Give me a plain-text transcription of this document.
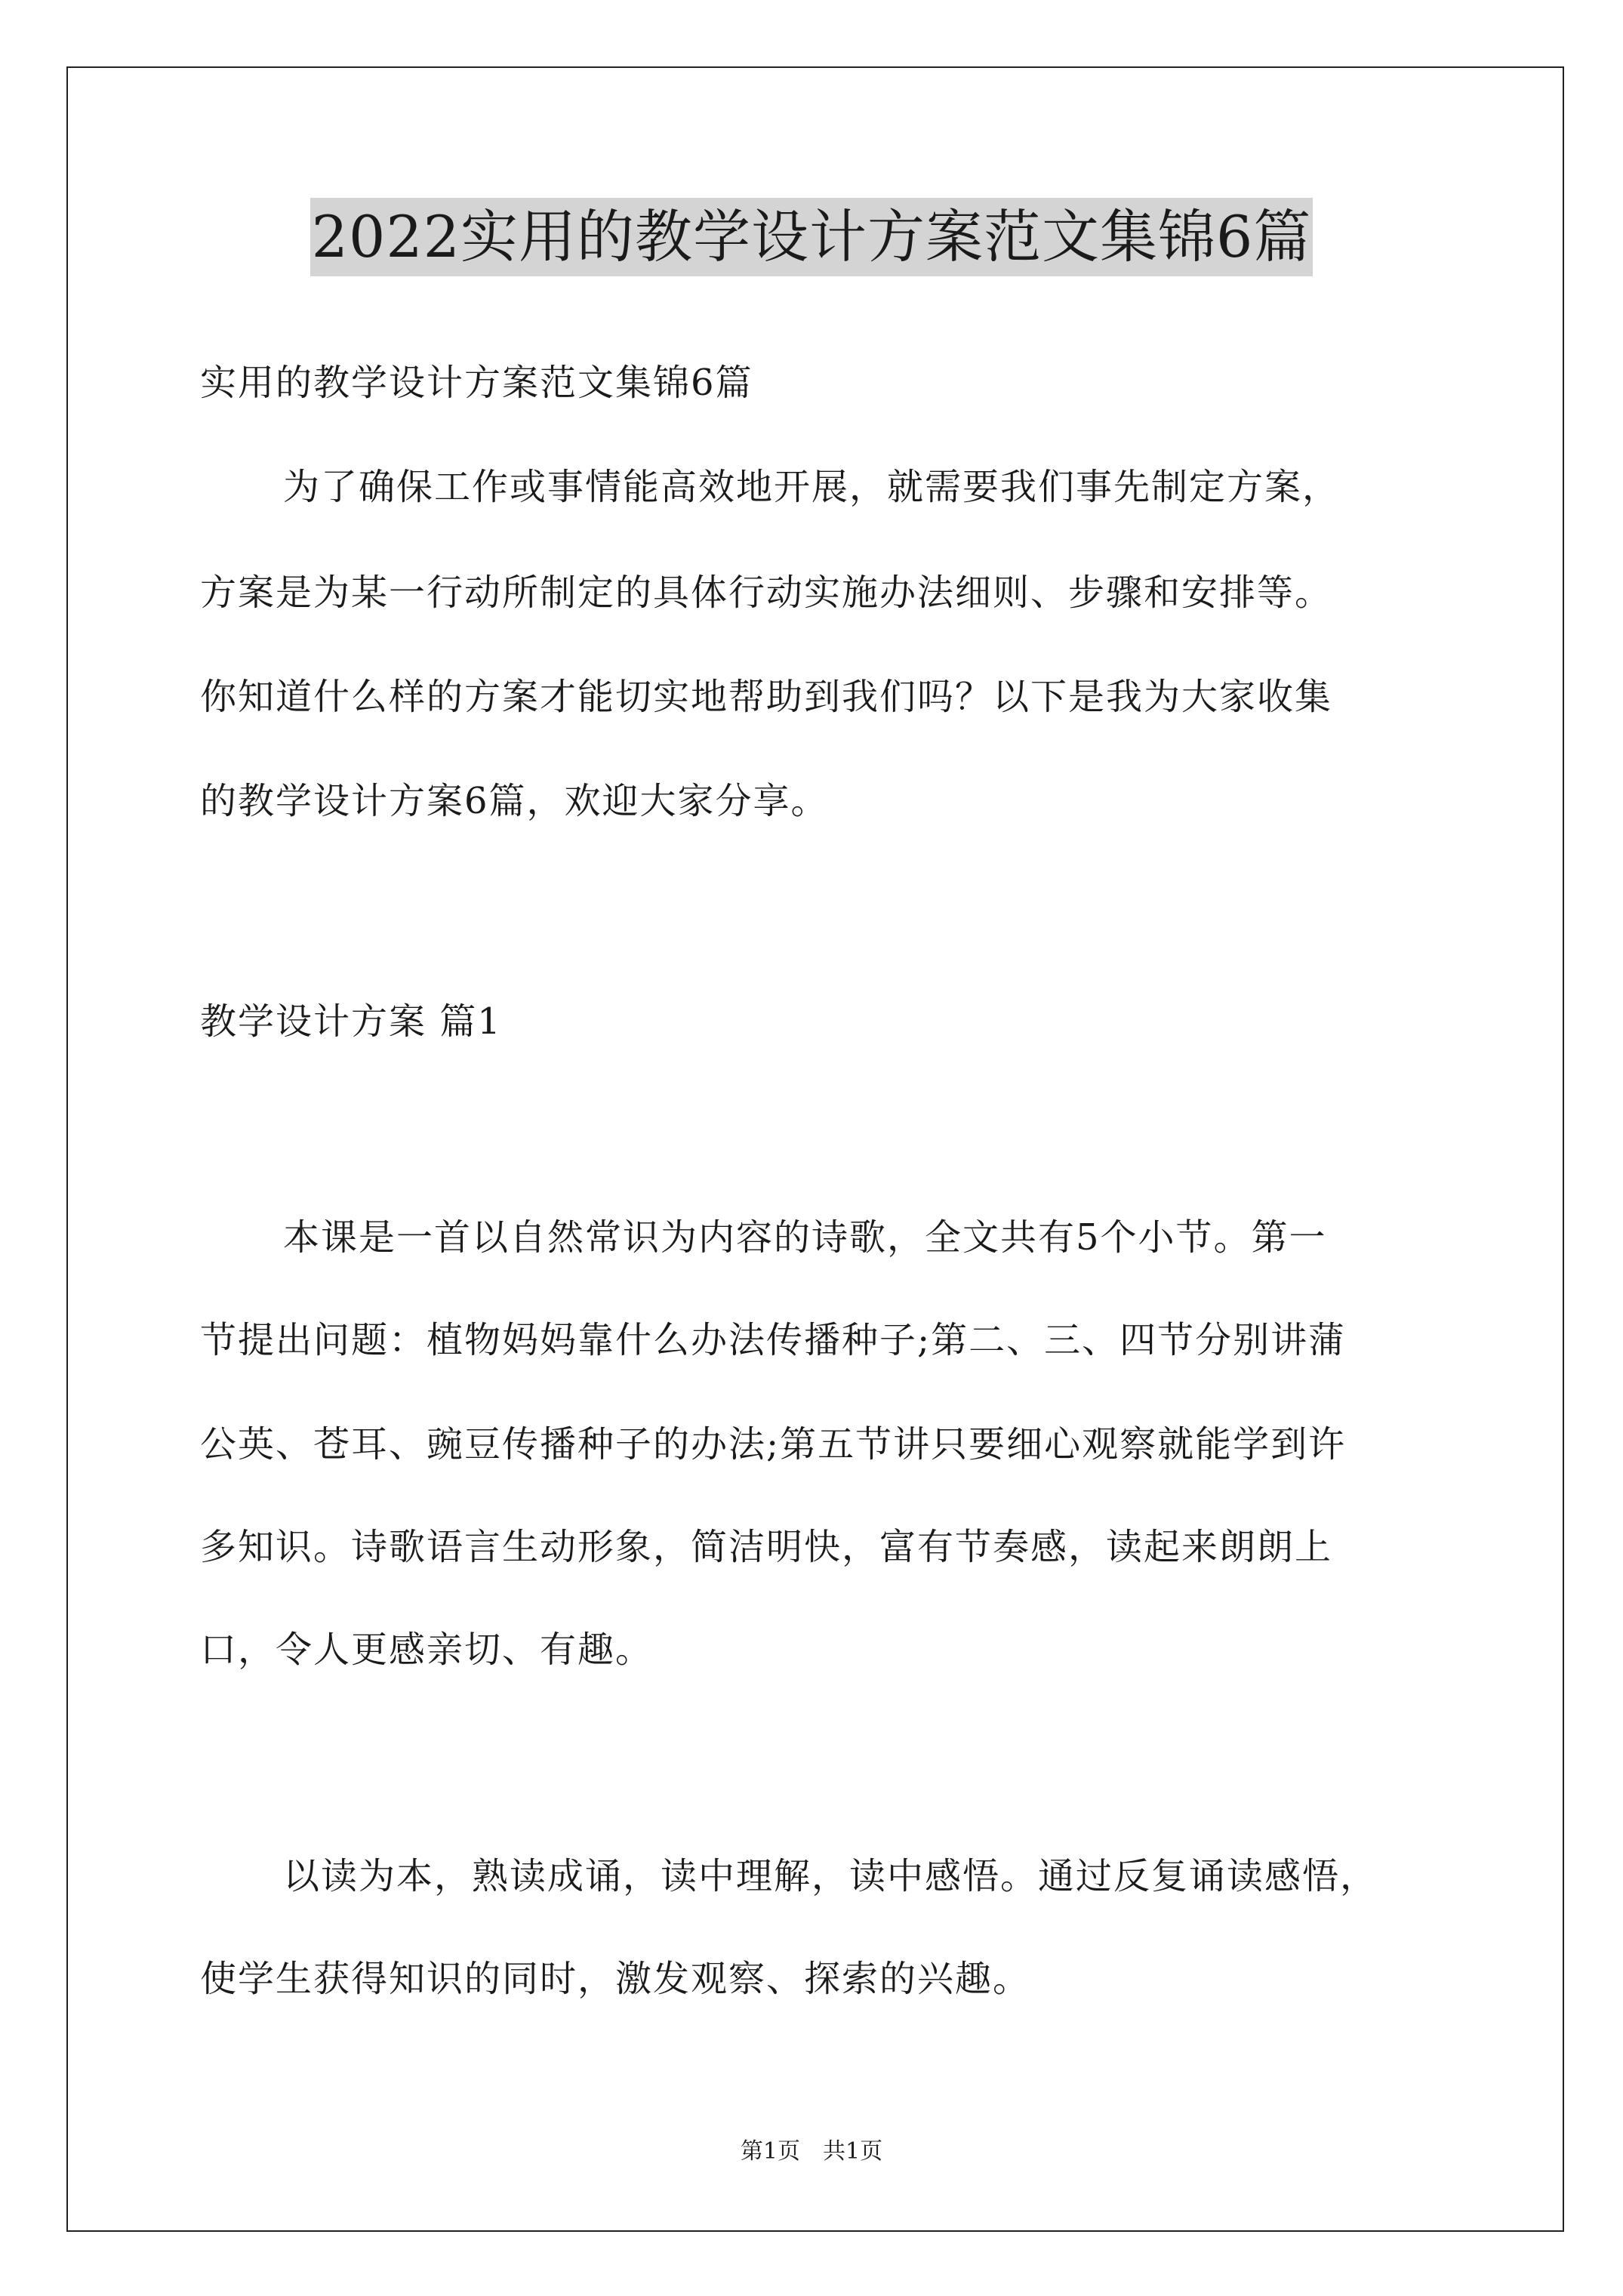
2022实用的教学设计方案范文集锦6篇
实用的教学设计方案范文集锦6篇
为了确保工作或事情能高效地开展，就需要我们事先制定方案，
方案是为某一行动所制定的具体行动实施办法细则、步骤和安排等。
你知道什么样的方案才能切实地帮助到我们吗？以下是我为大家收集
的教学设计方案6篇，欢迎大家分享。
教学设计方案 篇1
本课是一首以自然常识为内容的诗歌，全文共有5个小节。第一
节提出问题：植物妈妈靠什么办法传播种子;第二、三、四节分别讲蒲
公英、苍耳、豌豆传播种子的办法;第五节讲只要细心观察就能学到许
多知识。诗歌语言生动形象，简洁明快，富有节奏感，读起来朗朗上
口，令人更感亲切、有趣。
以读为本，熟读成诵，读中理解，读中感悟。通过反复诵读感悟，
使学生获得知识的同时，激发观察、探索的兴趣。
第1页　共1页
